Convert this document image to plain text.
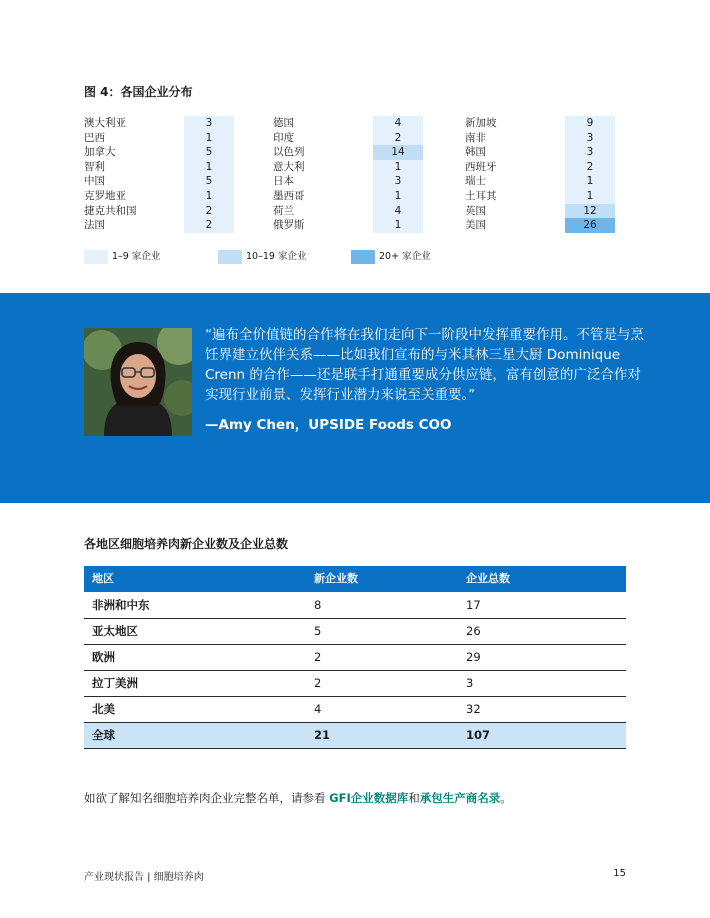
图 4：各国企业分布
澳大利亚	3
巴西	1
加拿大	5
智利	1
中国	5
克罗地亚	1
捷克共和国	2
法国	2
德国	4
印度	2
以色列	14
意大利	1
日本	3
墨西哥	1
荷兰	4
俄罗斯	1
新加坡	9
南非	3
韩国	3
西班牙	2
瑞士	1
土耳其	1
英国	12
美国	26
1–9 家企业	10–19 家企业	20+ 家企业
“遍布全价值链的合作将在我们走向下一阶段中发挥重要作用。不管是与烹饪界建立伙伴关系——比如我们宣布的与米其林三星大厨 Dominique Crenn 的合作——还是联手打通重要成分供应链，富有创意的广泛合作对实现行业前景、发挥行业潜力来说至关重要。”
—Amy Chen，UPSIDE Foods COO
各地区细胞培养肉新企业数及企业总数
地区	新企业数	企业总数
非洲和中东	8	17
亚太地区	5	26
欧洲	2	29
拉丁美洲	2	3
北美	4	32
全球	21	107
如欲了解知名细胞培养肉企业完整名单，请参看 GFI企业数据库和承包生产商名录。
产业现状报告 | 细胞培养肉	15
